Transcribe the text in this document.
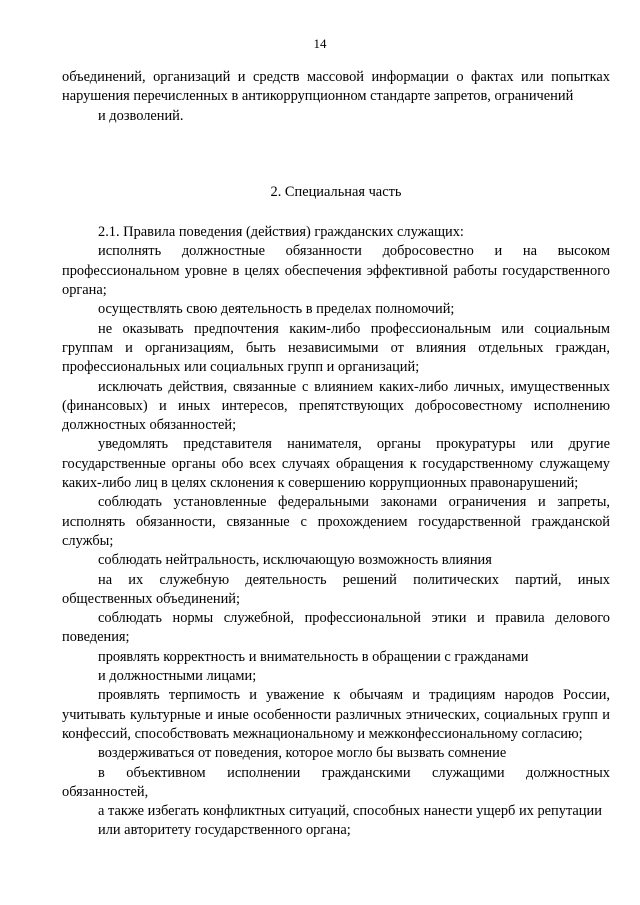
14

объединений, организаций и средств массовой информации о фактах или попытках

нарушения перечисленных в антикоррупционном стандарте запретов, ограничений

и дозволений.

2. Специальная часть

2.1. Правила поведения (действия) гражданских служащих:

исполнять должностные обязанности добросовестно и на высоком профессиональном уровне в целях обеспечения эффективной работы государственного органа;

осуществлять свою деятельность в пределах полномочий;

не оказывать предпочтения каким-либо профессиональным или социальным группам и организациям, быть независимыми от влияния отдельных граждан, профессиональных или социальных групп и организаций;

исключать действия, связанные с влиянием каких-либо личных, имущественных (финансовых) и иных интересов, препятствующих добросовестному исполнению должностных обязанностей;

уведомлять представителя нанимателя, органы прокуратуры или другие государственные органы обо всех случаях обращения к государственному служащему каких-либо лиц в целях склонения к совершению коррупционных правонарушений;

соблюдать установленные федеральными законами ограничения и запреты, исполнять обязанности, связанные с прохождением государственной гражданской службы;

соблюдать нейтральность, исключающую возможность влияния

на их служебную деятельность решений политических партий, иных общественных объединений;

соблюдать нормы служебной, профессиональной этики и правила делового поведения;

проявлять корректность и внимательность в обращении с гражданами

и должностными лицами;

проявлять терпимость и уважение к обычаям и традициям народов России, учитывать культурные и иные особенности различных этнических, социальных групп и конфессий, способствовать межнациональному и межконфессиональному согласию;

воздерживаться от поведения, которое могло бы вызвать сомнение

в объективном исполнении гражданскими служащими должностных обязанностей,

а также избегать конфликтных ситуаций, способных нанести ущерб их репутации

или авторитету государственного органа;
